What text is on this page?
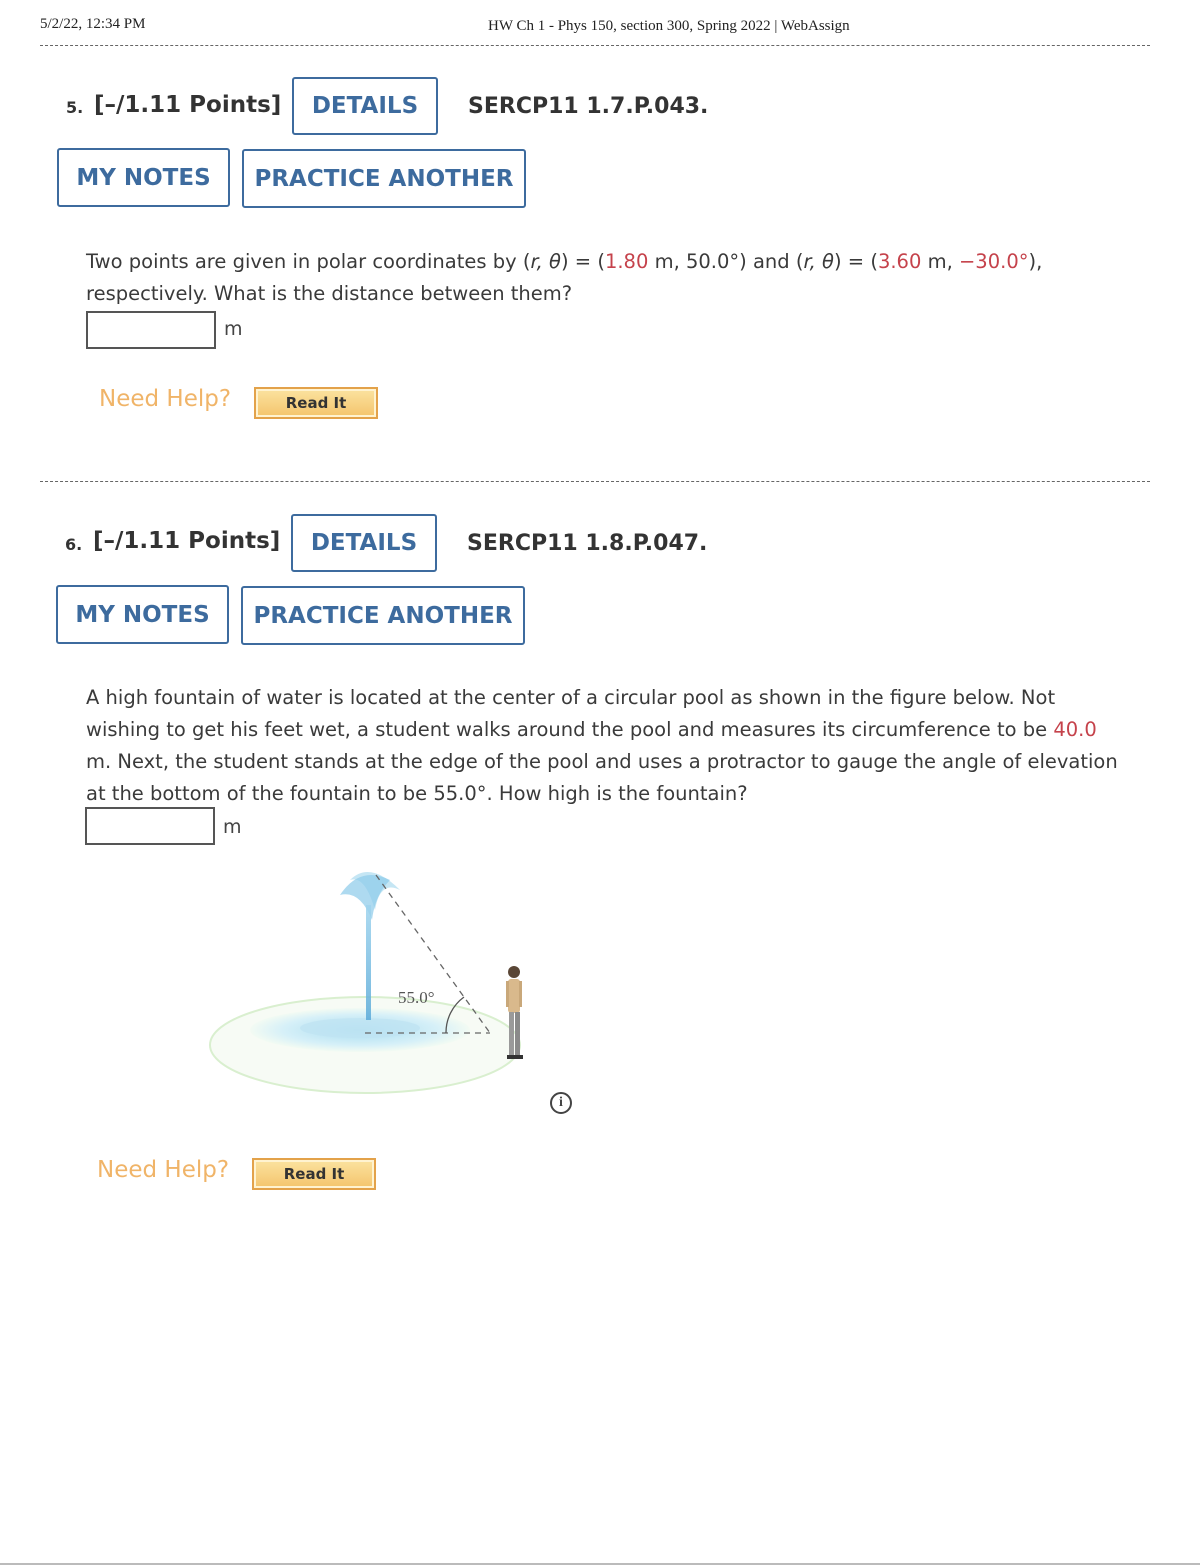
5/2/22, 12:34 PM	HW Ch 1 - Phys 150, section 300, Spring 2022 | WebAssign
5. [–/1.11 Points]	DETAILS	SERCP11 1.7.P.043.
MY NOTES	PRACTICE ANOTHER
Two points are given in polar coordinates by (r, θ) = (1.80 m, 50.0°) and (r, θ) = (3.60 m, −30.0°),
respectively. What is the distance between them?
m
Need Help?	Read It
6. [–/1.11 Points]	DETAILS	SERCP11 1.8.P.047.
MY NOTES	PRACTICE ANOTHER
A high fountain of water is located at the center of a circular pool as shown in the figure below. Not
wishing to get his feet wet, a student walks around the pool and measures its circumference to be 40.0
m. Next, the student stands at the edge of the pool and uses a protractor to gauge the angle of elevation
at the bottom of the fountain to be 55.0°. How high is the fountain?
m
55.0°
i
Need Help?	Read It
